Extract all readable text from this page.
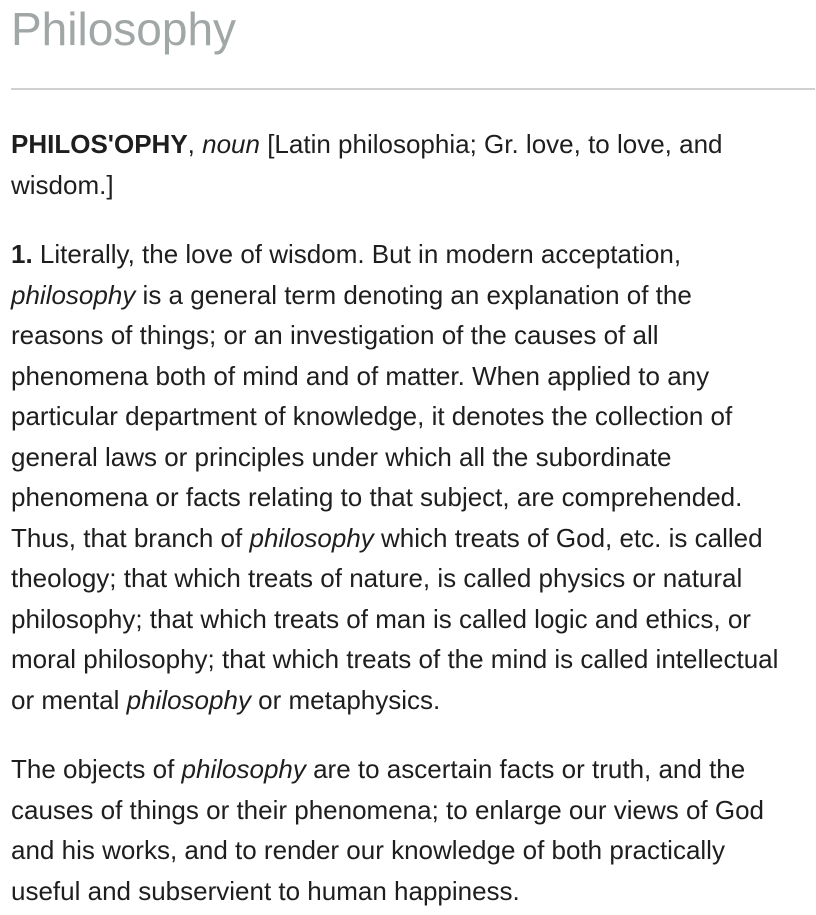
Philosophy

PHILOS'OPHY, noun [Latin philosophia; Gr. love, to love, and
wisdom.]

1. Literally, the love of wisdom. But in modern acceptation,
philosophy is a general term denoting an explanation of the
reasons of things; or an investigation of the causes of all
phenomena both of mind and of matter. When applied to any
particular department of knowledge, it denotes the collection of
general laws or principles under which all the subordinate
phenomena or facts relating to that subject, are comprehended.
Thus, that branch of philosophy which treats of God, etc. is called
theology; that which treats of nature, is called physics or natural
philosophy; that which treats of man is called logic and ethics, or
moral philosophy; that which treats of the mind is called intellectual
or mental philosophy or metaphysics.

The objects of philosophy are to ascertain facts or truth, and the
causes of things or their phenomena; to enlarge our views of God
and his works, and to render our knowledge of both practically
useful and subservient to human happiness.
